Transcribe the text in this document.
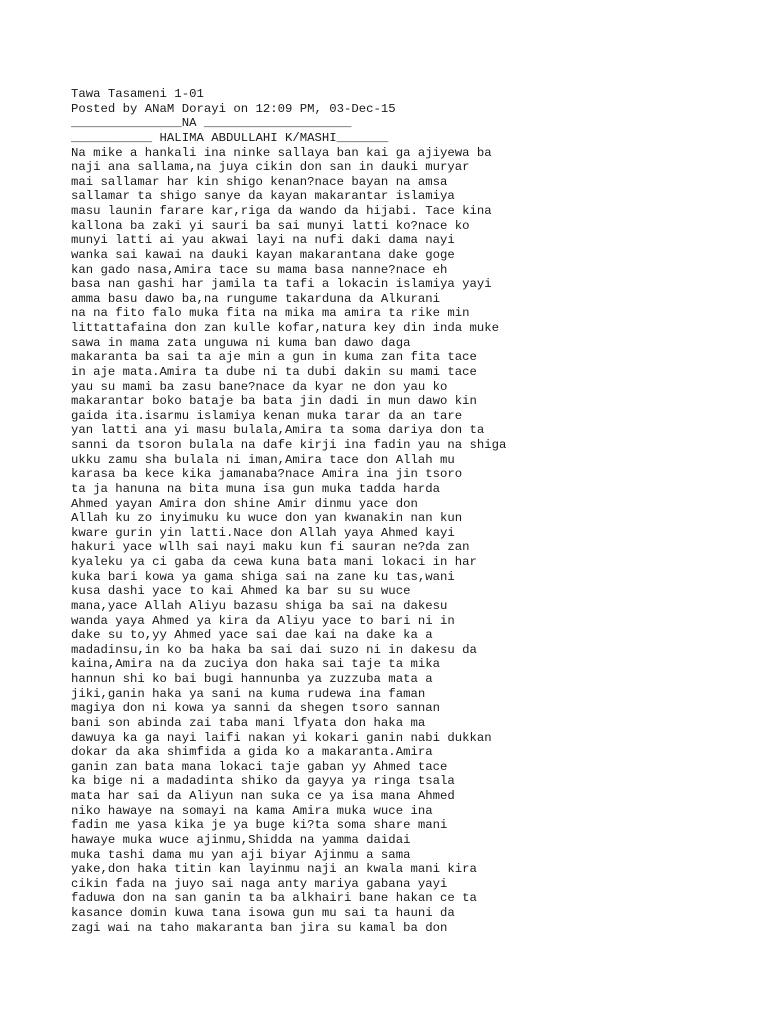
Tawa Tasameni 1-01
Posted by ANaM Dorayi on 12:09 PM, 03-Dec-15
_______________NA ____________________
___________ HALIMA ABDULLAHI K/MASHI_______
Na mike a hankali ina ninke sallaya ban kai ga ajiyewa ba
naji ana sallama,na juya cikin don san in dauki muryar
mai sallamar har kin shigo kenan?nace bayan na amsa
sallamar ta shigo sanye da kayan makarantar islamiya
masu launin farare kar,riga da wando da hijabi. Tace kina
kallona ba zaki yi sauri ba sai munyi latti ko?nace ko
munyi latti ai yau akwai layi na nufi daki dama nayi
wanka sai kawai na dauki kayan makarantana dake goge
kan gado nasa,Amira tace su mama basa nanne?nace eh
basa nan gashi har jamila ta tafi a lokacin islamiya yayi
amma basu dawo ba,na rungume takarduna da Alkurani
na na fito falo muka fita na mika ma amira ta rike min
littattafaina don zan kulle kofar,natura key din inda muke
sawa in mama zata unguwa ni kuma ban dawo daga
makaranta ba sai ta aje min a gun in kuma zan fita tace
in aje mata.Amira ta dube ni ta dubi dakin su mami tace
yau su mami ba zasu bane?nace da kyar ne don yau ko
makarantar boko bataje ba bata jin dadi in mun dawo kin
gaida ita.isarmu islamiya kenan muka tarar da an tare
yan latti ana yi masu bulala,Amira ta soma dariya don ta
sanni da tsoron bulala na dafe kirji ina fadin yau na shiga
ukku zamu sha bulala ni iman,Amira tace don Allah mu
karasa ba kece kika jamanaba?nace Amira ina jin tsoro
ta ja hanuna na bita muna isa gun muka tadda harda
Ahmed yayan Amira don shine Amir dinmu yace don
Allah ku zo inyimuku ku wuce don yan kwanakin nan kun
kware gurin yin latti.Nace don Allah yaya Ahmed kayi
hakuri yace wllh sai nayi maku kun fi sauran ne?da zan
kyaleku ya ci gaba da cewa kuna bata mani lokaci in har
kuka bari kowa ya gama shiga sai na zane ku tas,wani
kusa dashi yace to kai Ahmed ka bar su su wuce
mana,yace Allah Aliyu bazasu shiga ba sai na dakesu
wanda yaya Ahmed ya kira da Aliyu yace to bari ni in
dake su to,yy Ahmed yace sai dae kai na dake ka a
madadinsu,in ko ba haka ba sai dai suzo ni in dakesu da
kaina,Amira na da zuciya don haka sai taje ta mika
hannun shi ko bai bugi hannunba ya zuzzuba mata a
jiki,ganin haka ya sani na kuma rudewa ina faman
magiya don ni kowa ya sanni da shegen tsoro sannan
bani son abinda zai taba mani lfyata don haka ma
dawuya ka ga nayi laifi nakan yi kokari ganin nabi dukkan
dokar da aka shimfida a gida ko a makaranta.Amira
ganin zan bata mana lokaci taje gaban yy Ahmed tace
ka bige ni a madadinta shiko da gayya ya ringa tsala
mata har sai da Aliyun nan suka ce ya isa mana Ahmed
niko hawaye na somayi na kama Amira muka wuce ina
fadin me yasa kika je ya buge ki?ta soma share mani
hawaye muka wuce ajinmu,Shidda na yamma daidai
muka tashi dama mu yan aji biyar Ajinmu a sama
yake,don haka titin kan layinmu naji an kwala mani kira
cikin fada na juyo sai naga anty mariya gabana yayi
faduwa don na san ganin ta ba alkhairi bane hakan ce ta
kasance domin kuwa tana isowa gun mu sai ta hauni da
zagi wai na taho makaranta ban jira su kamal ba don
